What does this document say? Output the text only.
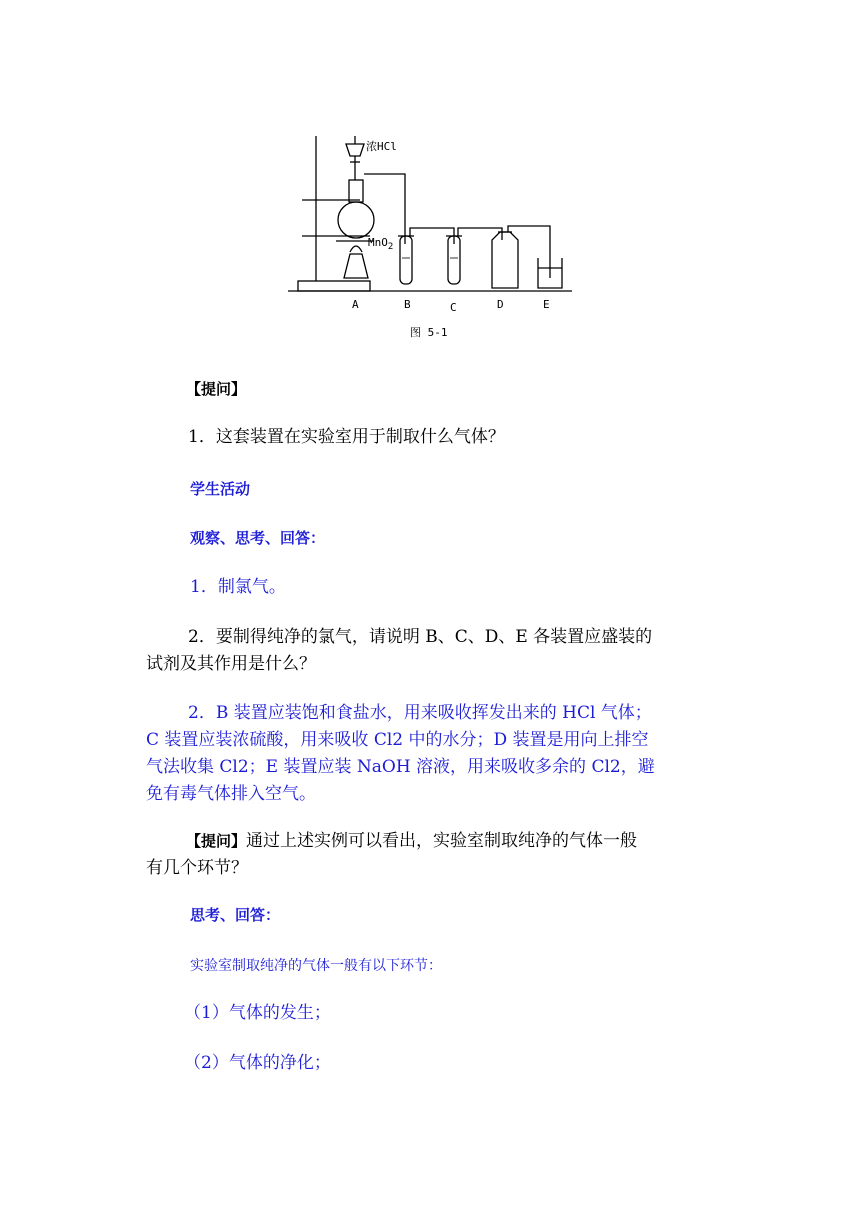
浓HCl
MnO$_2$
A	B	C	D	E
图 5-1
【提问】
1．这套装置在实验室用于制取什么气体？
学生活动
观察、思考、回答：
1．制氯气。
2．要制得纯净的氯气，请说明 B、C、D、E 各装置应盛装的
试剂及其作用是什么？
2．B 装置应装饱和食盐水，用来吸收挥发出来的 HCl 气体；
C 装置应装浓硫酸，用来吸收 Cl2 中的水分；D 装置是用向上排空
气法收集 Cl2；E 装置应装 NaOH 溶液，用来吸收多余的 Cl2，避
免有毒气体排入空气。
【提问】通过上述实例可以看出，实验室制取纯净的气体一般
有几个环节？
思考、回答：
实验室制取纯净的气体一般有以下环节：
（1）气体的发生；
（2）气体的净化；
